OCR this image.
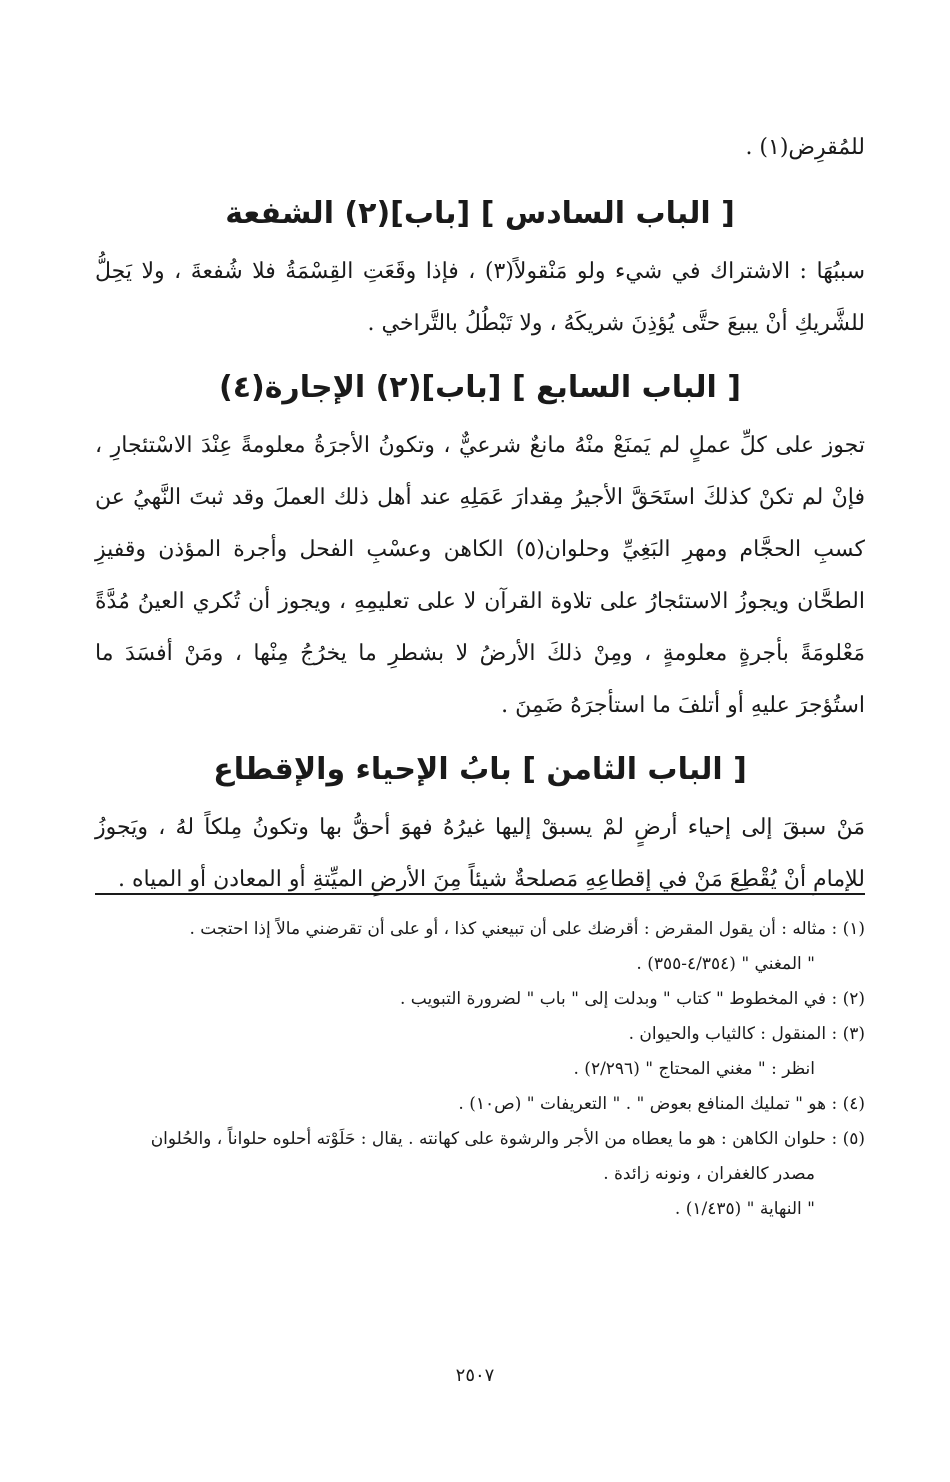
للمُقرِض(١) .

[ الباب السادس ] [باب](٢) الشفعة

سببُهَا : الاشتراك في شيء ولو مَنْقولاً(٣) ، فإذا وقَعَتِ القِسْمَةُ فلا شُفعةَ ، ولا يَحِلُّ للشَّريكِ أنْ يبيعَ حتَّى يُؤذِنَ شريكَهُ ، ولا تَبْطُلُ بالتَّراخي .

[ الباب السابع ] [باب](٢) الإجارة(٤)

تجوز على كلِّ عملٍ لم يَمنَعْ منْهُ مانعٌ شرعيٌّ ، وتكونُ الأجرَةُ معلومةً عِنْدَ الاسْتئجارِ ، فإنْ لم تكنْ كذلكَ استَحَقَّ الأجيرُ مِقدارَ عَمَلِهِ عند أهل ذلك العملَ وقد ثبتَ النَّهيُ عن كسبِ الحجَّام ومهرِ البَغِيِّ وحلوان(٥) الكاهن وعسْبِ الفحل وأجرة المؤذن وقفيزِ الطحَّان ويجوزُ الاستئجارُ على تلاوة القرآن لا على تعليمِهِ ، ويجوز أن تُكري العينُ مُدَّةً مَعْلومَةً بأجرةٍ معلومةٍ ، ومِنْ ذلكَ الأرضُ لا بشطرِ ما يخرُجُ مِنْها ، ومَنْ أفسَدَ ما استُؤجرَ عليهِ أو أتلفَ ما استأجرَهُ ضَمِنَ .

[ الباب الثامن ] بابُ الإحياء والإقطاع

مَنْ سبقَ إلى إحياء أرضٍ لمْ يسبقْ إليها غيرُهُ فهوَ أحقُّ بها وتكونُ مِلكاً لهُ ، ويَجوزُ للإمامِ أنْ يُقْطِعَ مَنْ في إقطاعِهِ مَصلحةٌ شيئاً مِنَ الأرضِ الميِّتةِ أو المعادن أو المياه .

(١) : مثاله : أن يقول المقرض : أقرضك على أن تبيعني كذا ، أو على أن تقرضني مالاً إذا احتجت .

" المغني " (٤/٣٥٤-٣٥٥) .

(٢) : في المخطوط " كتاب " وبدلت إلى " باب " لضرورة التبويب .

(٣) : المنقول : كالثياب والحيوان .

انظر : " مغني المحتاج " (٢/٢٩٦) .

(٤) : هو " تمليك المنافع بعوض " . " التعريفات " (ص١٠) .

(٥) : حلوان الكاهن : هو ما يعطاه من الأجر والرشوة على كهانته . يقال : حَلَوْته أحلوه حلواناً ، والحُلوان

مصدر كالغفران ، ونونه زائدة .

" النهاية " (١/٤٣٥) .

٢٥٠٧
